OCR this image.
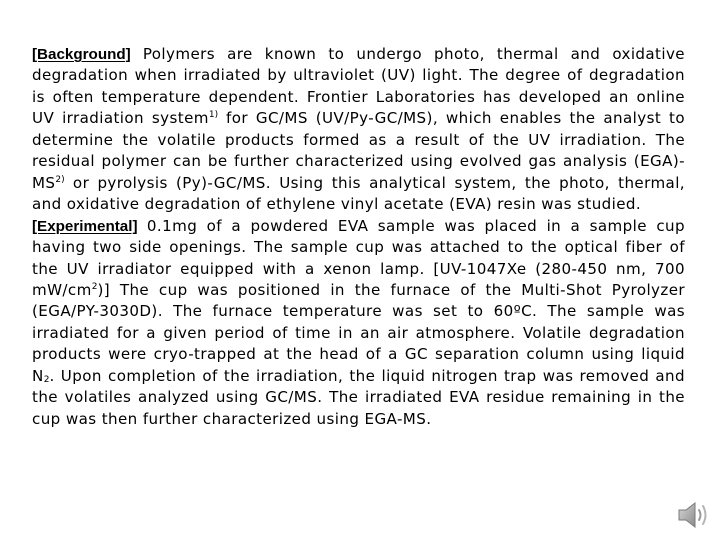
[Background] Polymers are known to undergo photo, thermal and oxidative degradation when irradiated by ultraviolet (UV) light. The degree of degradation is often temperature dependent. Frontier Laboratories has developed an online UV irradiation system$^{1)}$ for GC/MS (UV/Py-GC/MS), which enables the analyst to determine the volatile products formed as a result of the UV irradiation. The residual polymer can be further characterized using evolved gas analysis (EGA)-MS$^{2)}$ or pyrolysis (Py)-GC/MS. Using this analytical system, the photo, thermal, and oxidative degradation of ethylene vinyl acetate (EVA) resin was studied.

[Experimental] 0.1mg of a powdered EVA sample was placed in a sample cup having two side openings. The sample cup was attached to the optical fiber of the UV irradiator equipped with a xenon lamp. [UV-1047Xe (280-450 nm, 700 $mW/cm^2$)] The cup was positioned in the furnace of the Multi-Shot Pyrolyzer (EGA/PY-3030D). The furnace temperature was set to 60ºC. The sample was irradiated for a given period of time in an air atmosphere. Volatile degradation products were cryo-trapped at the head of a GC separation column using liquid $N_2$. Upon completion of the irradiation, the liquid nitrogen trap was removed and the volatiles analyzed using GC/MS. The irradiated EVA residue remaining in the cup was then further characterized using EGA-MS.
